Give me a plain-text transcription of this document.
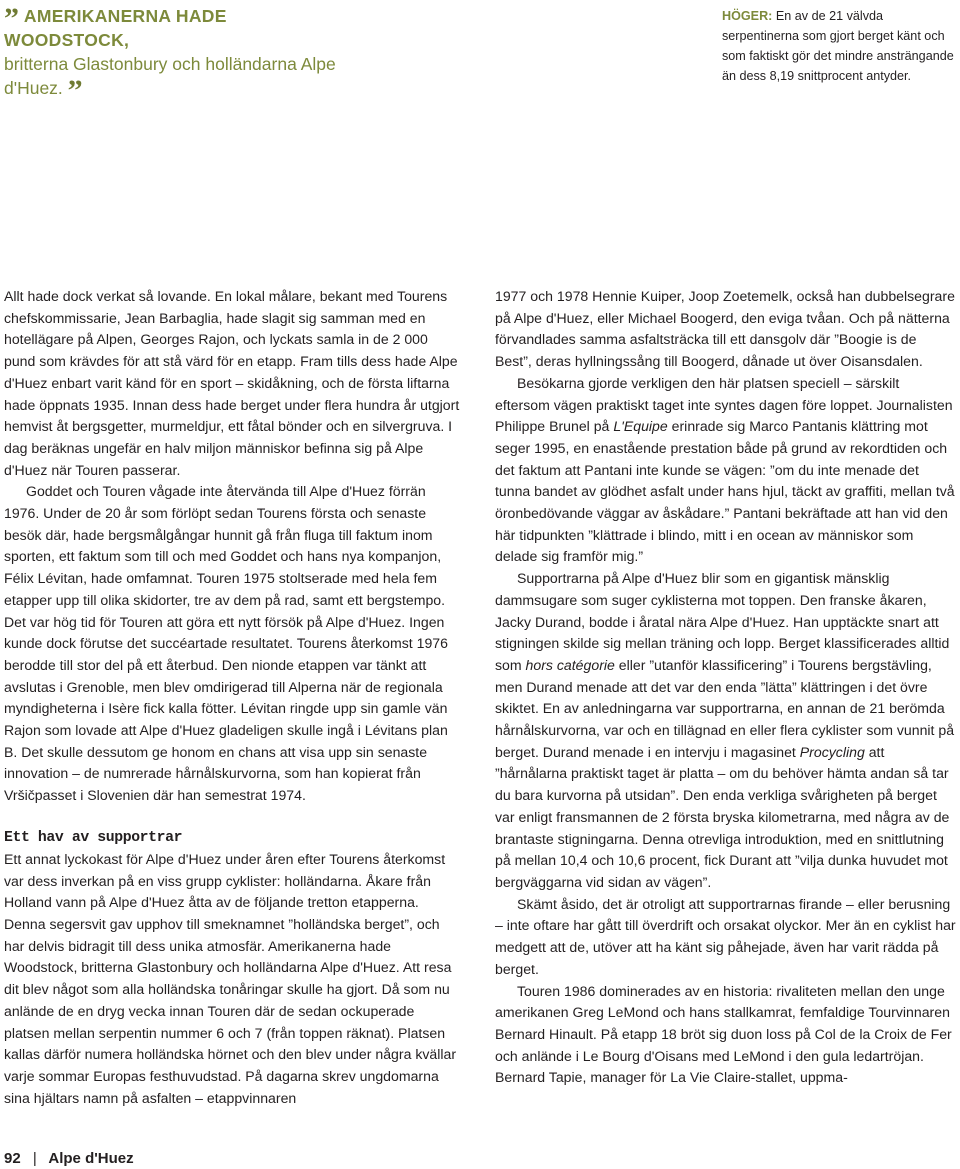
” AMERIKANERNA HADE WOODSTOCK,
britterna Glastonbury och holländarna Alpe d'Huez. ”
HÖGER: En av de 21 välvda serpentinerna som gjort berget känt och som faktiskt gör det mindre ansträngande än dess 8,19 snittprocent antyder.

Allt hade dock verkat så lovande. En lokal målare, bekant med Tourens chefskommissarie, Jean Barbaglia, hade slagit sig samman med en hotellägare på Alpen, Georges Rajon, och lyckats samla in de 2 000 pund som krävdes för att stå värd för en etapp. Fram tills dess hade Alpe d'Huez enbart varit känd för en sport – skidåkning, och de första liftarna hade öppnats 1935. Innan dess hade berget under flera hundra år utgjort hemvist åt bergsgetter, murmeldjur, ett fåtal bönder och en silvergruva. I dag beräknas ungefär en halv miljon människor befinna sig på Alpe d'Huez när Touren passerar.

Goddet och Touren vågade inte återvända till Alpe d'Huez förrän 1976. Under de 20 år som förlöpt sedan Tourens första och senaste besök där, hade bergsmålgångar hunnit gå från fluga till faktum inom sporten, ett faktum som till och med Goddet och hans nya kompanjon, Félix Lévitan, hade omfamnat. Touren 1975 stoltserade med hela fem etapper upp till olika skidorter, tre av dem på rad, samt ett bergstempo. Det var hög tid för Touren att göra ett nytt försök på Alpe d'Huez. Ingen kunde dock förutse det succéartade resultatet. Tourens återkomst 1976 berodde till stor del på ett återbud. Den nionde etappen var tänkt att avslutas i Grenoble, men blev omdirigerad till Alperna när de regionala myndigheterna i Isère fick kalla fötter. Lévitan ringde upp sin gamle vän Rajon som lovade att Alpe d'Huez gladeligen skulle ingå i Lévitans plan B. Det skulle dessutom ge honom en chans att visa upp sin senaste innovation – de numrerade hårnålskurvorna, som han kopierat från Vršičpasset i Slovenien där han semestrat 1974.

Ett hav av supportrar

Ett annat lyckokast för Alpe d'Huez under åren efter Tourens återkomst var dess inverkan på en viss grupp cyklister: holländarna. Åkare från Holland vann på Alpe d'Huez åtta av de följande tretton etapperna. Denna segersvit gav upphov till smeknamnet ”holländska berget”, och har delvis bidragit till dess unika atmosfär. Amerikanerna hade Woodstock, britterna Glastonbury och holländarna Alpe d'Huez. Att resa dit blev något som alla holländska tonåringar skulle ha gjort. Då som nu anlände de en dryg vecka innan Touren där de sedan ockuperade platsen mellan serpentin nummer 6 och 7 (från toppen räknat). Platsen kallas därför numera holländska hörnet och den blev under några kvällar varje sommar Europas festhuvudstad. På dagarna skrev ungdomarna sina hjältars namn på asfalten – etappvinnaren

1977 och 1978 Hennie Kuiper, Joop Zoetemelk, också han dubbelsegrare på Alpe d'Huez, eller Michael Boogerd, den eviga tvåan. Och på nätterna förvandlades samma asfaltsträcka till ett dansgolv där ”Boogie is de Best”, deras hyllningssång till Boogerd, dånade ut över Oisansdalen.

Besökarna gjorde verkligen den här platsen speciell – särskilt eftersom vägen praktiskt taget inte syntes dagen före loppet. Journalisten Philippe Brunel på L'Equipe erinrade sig Marco Pantanis klättring mot seger 1995, en enastående prestation både på grund av rekordtiden och det faktum att Pantani inte kunde se vägen: ”om du inte menade det tunna bandet av glödhet asfalt under hans hjul, täckt av graffiti, mellan två öronbedövande väggar av åskådare.” Pantani bekräftade att han vid den här tidpunkten ”klättrade i blindo, mitt i en ocean av människor som delade sig framför mig.”

Supportrarna på Alpe d'Huez blir som en gigantisk mänsklig dammsugare som suger cyklisterna mot toppen. Den franske åkaren, Jacky Durand, bodde i åratal nära Alpe d'Huez. Han upptäckte snart att stigningen skilde sig mellan träning och lopp. Berget klassificerades alltid som hors catégorie eller ”utanför klassificering” i Tourens bergstävling, men Durand menade att det var den enda ”lätta” klättringen i det övre skiktet. En av anledningarna var supportrarna, en annan de 21 berömda hårnålskurvorna, var och en tillägnad en eller flera cyklister som vunnit på berget. Durand menade i en intervju i magasinet Procycling att ”hårnålarna praktiskt taget är platta – om du behöver hämta andan så tar du bara kurvorna på utsidan”. Den enda verkliga svårigheten på berget var enligt fransmannen de 2 första bryska kilometrarna, med några av de brantaste stigningarna. Denna otrevliga introduktion, med en snittlutning på mellan 10,4 och 10,6 procent, fick Durant att ”vilja dunka huvudet mot bergväggarna vid sidan av vägen”.

Skämt åsido, det är otroligt att supportrarnas firande – eller berusning – inte oftare har gått till överdrift och orsakat olyckor. Mer än en cyklist har medgett att de, utöver att ha känt sig påhejade, även har varit rädda på berget.

Touren 1986 dominerades av en historia: rivaliteten mellan den unge amerikanen Greg LeMond och hans stallkamrat, femfaldige Tourvinnaren Bernard Hinault. På etapp 18 bröt sig duon loss på Col de la Croix de Fer och anlände i Le Bourg d'Oisans med LeMond i den gula ledartröjan. Bernard Tapie, manager för La Vie Claire-stallet, uppma-

92 | Alpe d'Huez
